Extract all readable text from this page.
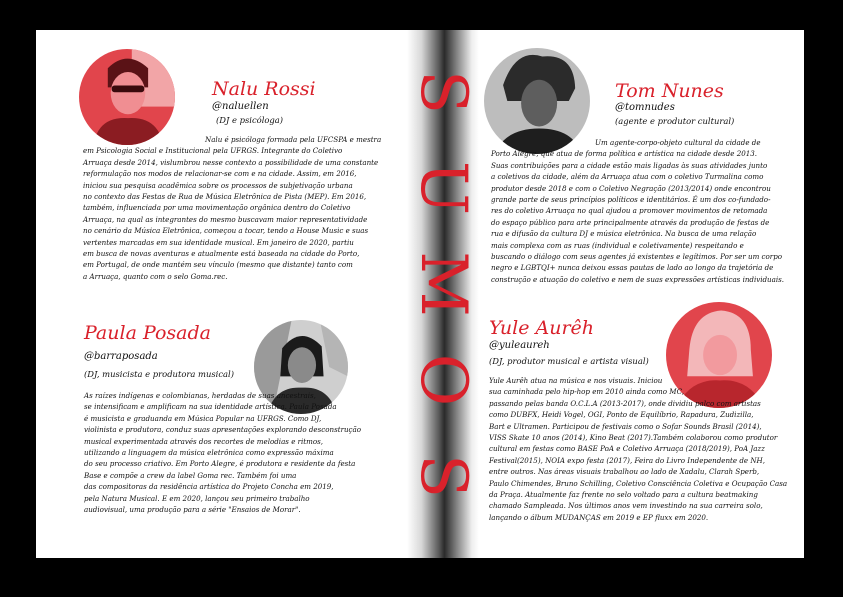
S
U
M
O
S
Nalu Rossi
@naluellen
(DJ e psicóloga)
Nalu é psicóloga formada pela UFCSPA e mestra
em Psicologia Social e Institucional pela UFRGS. Integrante do Coletivo
Arruaça desde 2014, vislumbrou nesse contexto a possibilidade de uma constante
reformulação nos modos de relacionar-se com e na cidade. Assim, em 2016,
iniciou sua pesquisa acadêmica sobre os processos de subjetivação urbana
no contexto das Festas de Rua de Música Eletrônica de Pista (MEP). Em 2016,
também, influenciada por uma movimentação orgânica dentro do Coletivo
Arruaça, na qual as integrantes do mesmo buscavam maior representatividade
no cenário da Música Eletrônica, começou a tocar, tendo a House Music e suas
vertentes marcadas em sua identidade musical. Em janeiro de 2020, partiu
em busca de novas aventuras e atualmente está baseada na cidade do Porto,
em Portugal, de onde mantém seu vínculo (mesmo que distante) tanto com
a Arruaça, quanto com o selo Goma.rec.
Paula Posada
@barraposada
(DJ, musicista e produtora musical)
As raízes indígenas e colombianas, herdadas de suas ancestrais,
se intensificam e amplificam na sua identidade artística. Paula Posada
é musicista e graduanda em Música Popular na UFRGS. Como DJ,
violinista e produtora, conduz suas apresentações explorando desconstrução
musical experimentada através dos recortes de melodias e ritmos,
utilizando a linguagem da música eletrônica como expressão máxima
do seu processo criativo. Em Porto Alegre, é produtora e residente da festa
Base e compõe a crew da label Goma rec. Também foi uma
das compositoras da residência artística do Projeto Concha em 2019,
pela Natura Musical. E em 2020, lançou seu primeiro trabalho
audiovisual, uma produção para a série "Ensaios de Morar".
Tom Nunes
@tomnudes
(agente e produtor cultural)
Um agente-corpo-objeto cultural da cidade de
Porto Alegre, que atua de forma política e artística na cidade desde 2013.
Suas contribuições para a cidade estão mais ligadas às suas atividades junto
a coletivos da cidade, além da Arruaça atua com o coletivo Turmalina como
produtor desde 2018 e com o Coletivo Negração (2013/2014) onde encontrou
grande parte de seus princípios políticos e identitários. É um dos co-fundado-
res do coletivo Arruaça no qual ajudou a promover movimentos de retomada
do espaço público para arte principalmente através da produção de festas de
rua e difusão da cultura DJ e música eletrônica. Na busca de uma relação
mais complexa com as ruas (individual e coletivamente) respeitando e
buscando o diálogo com seus agentes já existentes e legítimos. Por ser um corpo
negro e LGBTQI+ nunca deixou essas pautas de lado ao longo da trajetória de
construção e atuação do coletivo e nem de suas expressões artísticas individuais.
Yule Aurêh
@yuleaureh
(DJ, produtor musical e artista visual)
Yule Aurêh atua na música e nos visuais. Iniciou
sua caminhada pelo hip-hop em 2010 ainda como MC,
passando pelas banda O.C.L.A (2013-2017), onde dividiu palco com artistas
como DUBFX, Heidi Vogel, OGI, Ponto de Equilíbrio, Rapadura, Zudizilla,
Bart e Ultramen. Participou de festivais como o Sofar Sounds Brasil (2014),
VISS Skate 10 anos (2014), Kino Beat (2017).Também colaborou como produtor
cultural em festas como BASE PoA e Coletivo Arruaça (2018/2019), PoA Jazz
Festival(2015), NOIA expo festa (2017), Feira do Livro Independente de NH,
entre outros. Nas áreas visuais trabalhou ao lado de Xadalu, Clarah Sperb,
Paulo Chimendes, Bruno Schilling, Coletivo Consciência Coletiva e Ocupação Casa
da Praça. Atualmente faz frente no selo voltado para a cultura beatmaking
chamado Sampleada. Nos últimos anos vem investindo na sua carreira solo,
lançando o álbum MUDANÇAS em 2019 e EP fluxx em 2020.
